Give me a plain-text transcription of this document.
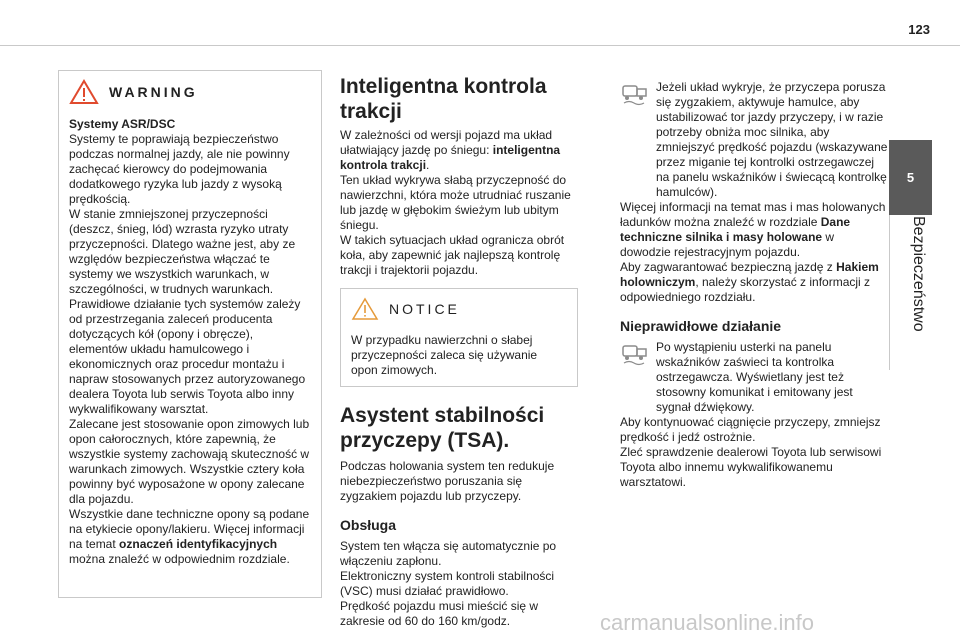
123
5
Bezpieczeństwo
WARNING

Systemy ASR/DSC

Systemy te poprawiają bezpieczeństwo podczas normalnej jazdy, ale nie powinny zachęcać kierowcy do podejmowania dodatkowego ryzyka lub jazdy z wysoką prędkością.

W stanie zmniejszonej przyczepności (deszcz, śnieg, lód) wzrasta ryzyko utraty przyczepności. Dlatego ważne jest, aby ze względów bezpieczeństwa włączać te systemy we wszystkich warunkach, w szczególności, w trudnych warunkach.

Prawidłowe działanie tych systemów zależy od przestrzegania zaleceń producenta dotyczących kół (opony i obręcze), elementów układu hamulcowego i ekonomicznych oraz procedur montażu i napraw stosowanych przez autoryzowanego dealera Toyota lub serwis Toyota albo inny wykwalifikowany warsztat.

Zalecane jest stosowanie opon zimowych lub opon całorocznych, które zapewnią, że wszystkie systemy zachowają skuteczność w warunkach zimowych. Wszystkie cztery koła powinny być wyposażone w opony zalecane dla pojazdu.

Wszystkie dane techniczne opony są podane na etykiecie opony/lakieru. Więcej informacji na temat oznaczeń identyfikacyjnych można znaleźć w odpowiednim rozdziale.

Inteligentna kontrola trakcji

W zależności od wersji pojazd ma układ ułatwiający jazdę po śniegu: inteligentna kontrola trakcji.

Ten układ wykrywa słabą przyczepność do nawierzchni, która może utrudniać ruszanie lub jazdę w głębokim świeżym lub ubitym śniegu.

W takich sytuacjach układ ogranicza obrót koła, aby zapewnić jak najlepszą kontrolę trakcji i trajektorii pojazdu.

NOTICE

W przypadku nawierzchni o słabej przyczepności zaleca się używanie opon zimowych.

Asystent stabilności
przyczepy (TSA).

Podczas holowania system ten redukuje niebezpieczeństwo poruszania się zygzakiem pojazdu lub przyczepy.

Obsługa

System ten włącza się automatycznie po włączeniu zapłonu.

Elektroniczny system kontroli stabilności (VSC) musi działać prawidłowo.

Prędkość pojazdu musi mieścić się w zakresie od 60 do 160 km/godz.

Jeżeli układ wykryje, że przyczepa porusza się zygzakiem, aktywuje hamulce, aby ustabilizować tor jazdy przyczepy, i w razie potrzeby obniża moc silnika, aby zmniejszyć prędkość pojazdu (wskazywane przez miganie tej kontrolki ostrzegawczej na panelu wskaźników i świecącą kontrolkę hamulców).

Więcej informacji na temat mas i mas holowanych ładunków można znaleźć w rozdziale Dane techniczne silnika i masy holowane w dowodzie rejestracyjnym pojazdu.

Aby zagwarantować bezpieczną jazdę z Hakiem holowniczym, należy skorzystać z informacji z odpowiedniego rozdziału.

Nieprawidłowe działanie

Po wystąpieniu usterki na panelu wskaźników zaświeci ta kontrolka ostrzegawcza. Wyświetlany jest też stosowny komunikat i emitowany jest sygnał dźwiękowy.

Aby kontynuować ciągnięcie przyczepy, zmniejsz prędkość i jedź ostrożnie.

Zleć sprawdzenie dealerowi Toyota lub serwisowi Toyota albo innemu wykwalifikowanemu warsztatowi.

carmanualsonline.info
